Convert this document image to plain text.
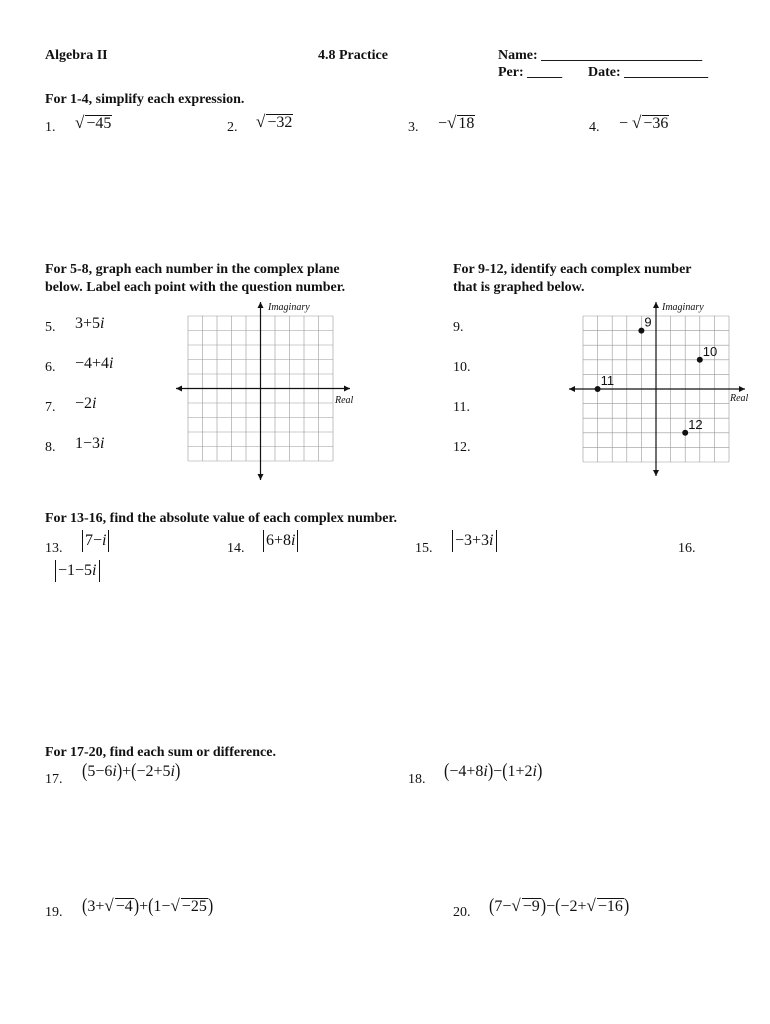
Algebra II	4.8 Practice	Name: _______________________
Per: _____ Date: ____________
For 1-4, simplify each expression.
1. √ −45	2. √ −32	3. −√ 18	4. − √ −36
For 5-8, graph each number in the complex plane
below. Label each point with the question number.
5. 3+5i
6. −4+4i
7. −2i
8. 1−3i
Imaginary
Real
For 9-12, identify each complex number
that is graphed below.
9.
10.
11.
12.
9
10
11
12
Imaginary
Real
For 13-16, find the absolute value of each complex number.
13. 7−i	14. 6+8i	15. −3+3i	16.
−1−5i
For 17-20, find each sum or difference.
17. (5−6i)+(−2+5i)	18. (−4+8i)−(1+2i)
19. (3+√ −4)+(1−√ −25)	20. (7−√ −9)−(−2+√ −16)
